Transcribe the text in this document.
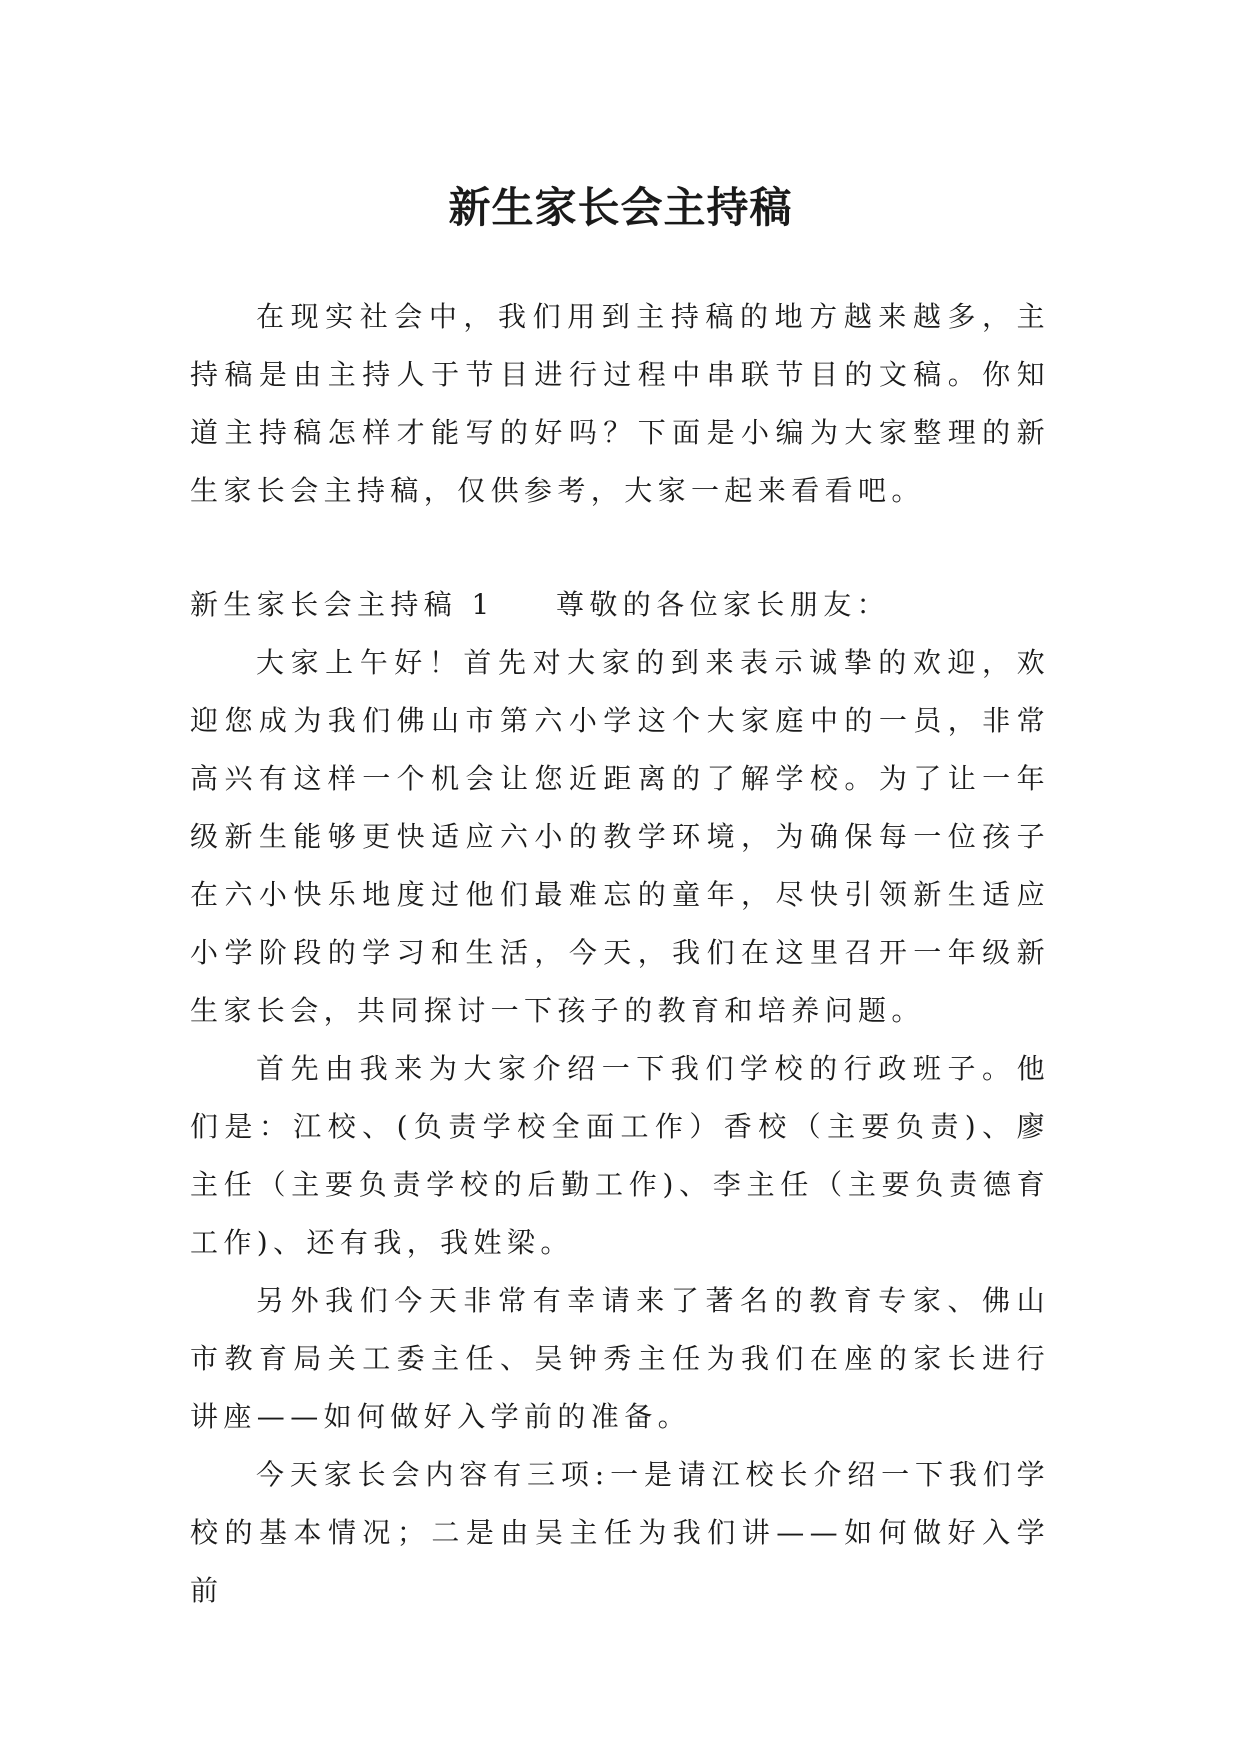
新生家长会主持稿

在现实社会中，我们用到主持稿的地方越来越多，主持稿是由主持人于节目进行过程中串联节目的文稿。你知道主持稿怎样才能写的好吗？下面是小编为大家整理的新生家长会主持稿，仅供参考，大家一起来看看吧。

新生家长会主持稿 1 尊敬的各位家长朋友：

大家上午好！首先对大家的到来表示诚挚的欢迎，欢迎您成为我们佛山市第六小学这个大家庭中的一员，非常高兴有这样一个机会让您近距离的了解学校。为了让一年级新生能够更快适应六小的教学环境，为确保每一位孩子在六小快乐地度过他们最难忘的童年，尽快引领新生适应小学阶段的学习和生活，今天，我们在这里召开一年级新生家长会，共同探讨一下孩子的教育和培养问题。

首先由我来为大家介绍一下我们学校的行政班子。他们是：江校、(负责学校全面工作）香校（主要负责)、廖主任（主要负责学校的后勤工作)、李主任（主要负责德育工作)、还有我，我姓梁。

另外我们今天非常有幸请来了著名的教育专家、佛山市教育局关工委主任、吴钟秀主任为我们在座的家长进行讲座——如何做好入学前的准备。

今天家长会内容有三项:一是请江校长介绍一下我们学校的基本情况；二是由吴主任为我们讲——如何做好入学前
